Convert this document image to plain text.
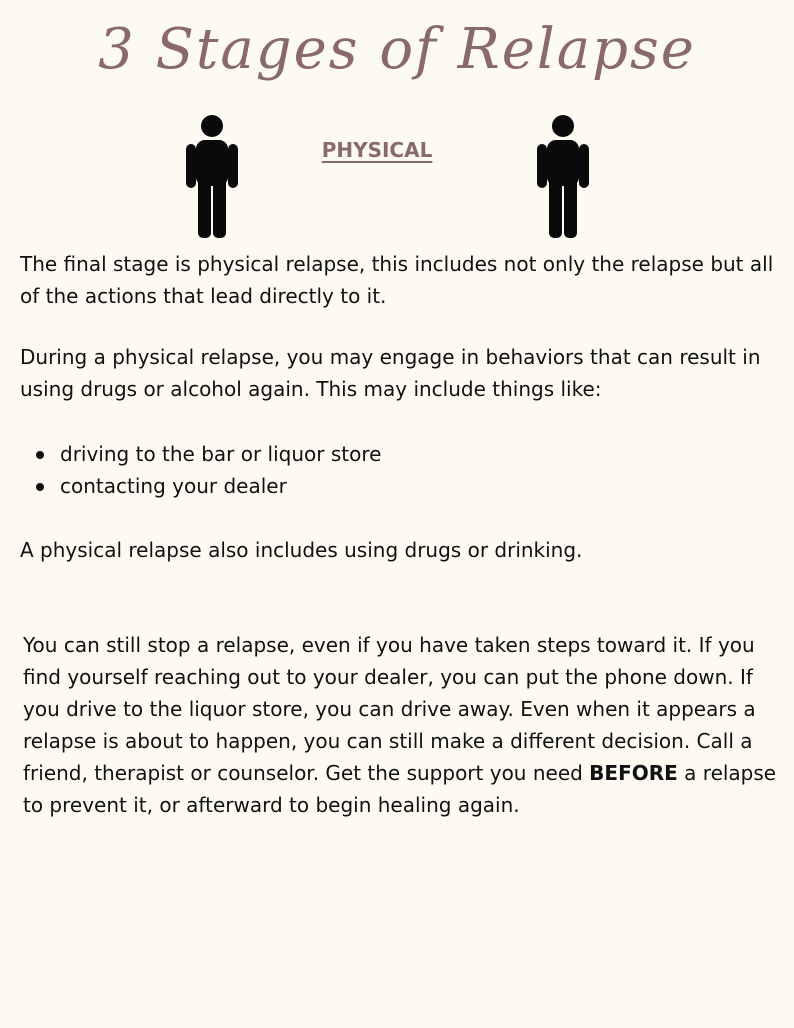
3 Stages of Relapse
PHYSICAL

The final stage is physical relapse, this includes not only the relapse but all of the actions that lead directly to it.

During a physical relapse, you may engage in behaviors that can result in using drugs or alcohol again. This may include things like:

driving to the bar or liquor store
contacting your dealer

A physical relapse also includes using drugs or drinking.

You can still stop a relapse, even if you have taken steps toward it. If you find yourself reaching out to your dealer, you can put the phone down. If you drive to the liquor store, you can drive away. Even when it appears a relapse is about to happen, you can still make a different decision. Call a friend, therapist or counselor. Get the support you need BEFORE a relapse to prevent it, or afterward to begin healing again.
